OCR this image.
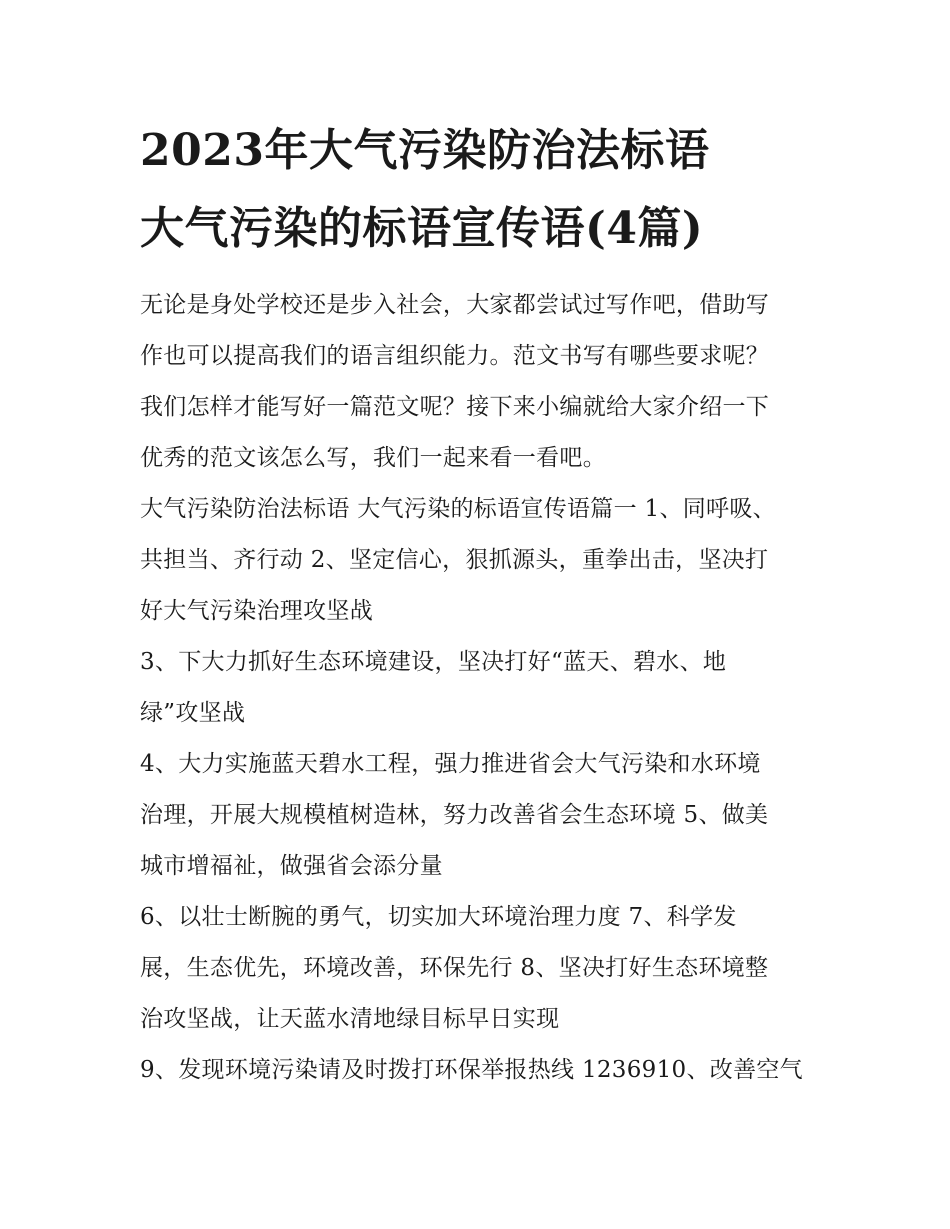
2023年大气污染防治法标语
大气污染的标语宣传语(4篇)
无论是身处学校还是步入社会，大家都尝试过写作吧，借助写
作也可以提高我们的语言组织能力。范文书写有哪些要求呢？
我们怎样才能写好一篇范文呢？接下来小编就给大家介绍一下
优秀的范文该怎么写，我们一起来看一看吧。
大气污染防治法标语 大气污染的标语宣传语篇一 1、同呼吸、
共担当、齐行动 2、坚定信心，狠抓源头，重拳出击，坚决打
好大气污染治理攻坚战
3、下大力抓好生态环境建设，坚决打好“蓝天、碧水、地
绿”攻坚战
4、大力实施蓝天碧水工程，强力推进省会大气污染和水环境
治理，开展大规模植树造林，努力改善省会生态环境 5、做美
城市增福祉，做强省会添分量
6、以壮士断腕的勇气，切实加大环境治理力度 7、科学发
展，生态优先，环境改善，环保先行 8、坚决打好生态环境整
治攻坚战，让天蓝水清地绿目标早日实现
9、发现环境污染请及时拨打环保举报热线 1236910、改善空气
